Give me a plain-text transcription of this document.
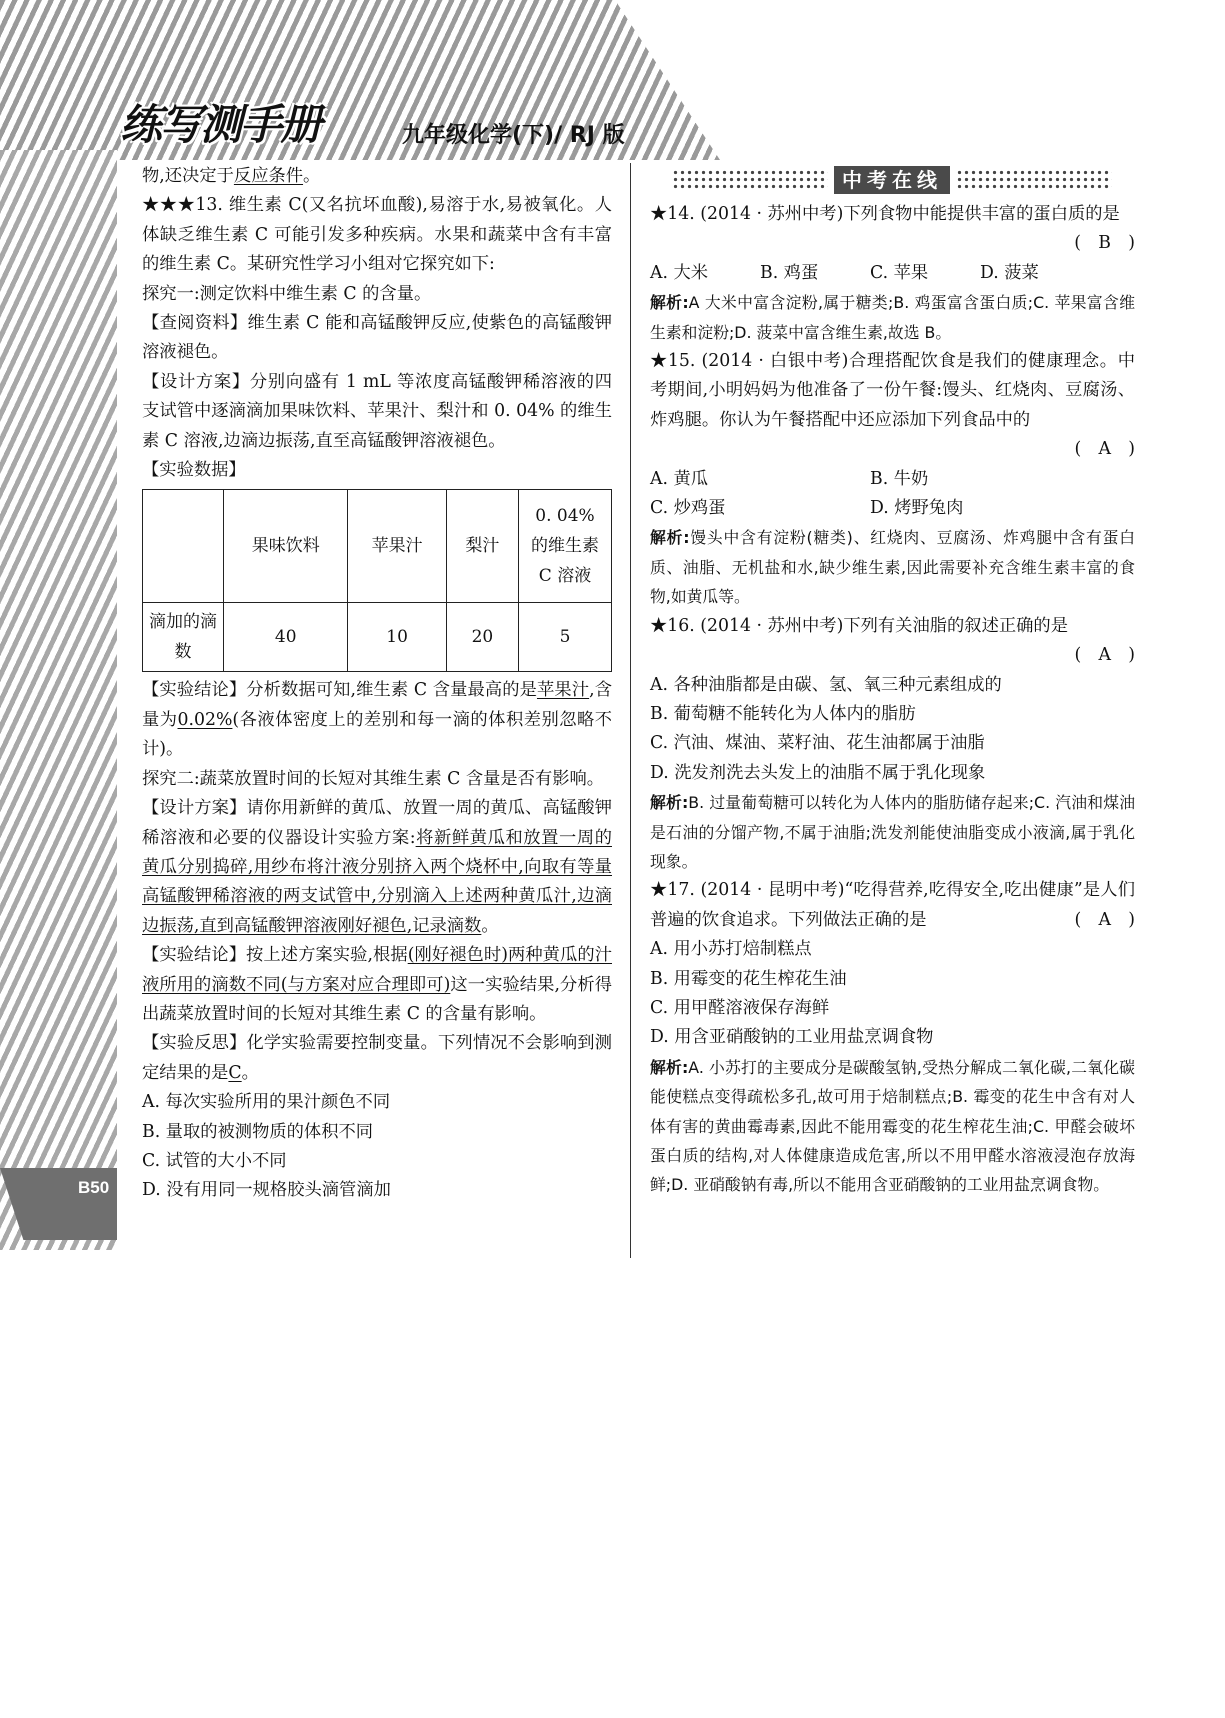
B50
练写测手册	九年级化学(下)/ RJ 版

物,还决定于反应条件。

★★★13. 维生素 C(又名抗坏血酸),易溶于水,易被氧化。人体缺乏维生素 C 可能引发多种疾病。水果和蔬菜中含有丰富的维生素 C。某研究性学习小组对它探究如下:

探究一:测定饮料中维生素 C 的含量。

【查阅资料】维生素 C 能和高锰酸钾反应,使紫色的高锰酸钾溶液褪色。

【设计方案】分别向盛有 1 mL 等浓度高锰酸钾稀溶液的四支试管中逐滴滴加果味饮料、苹果汁、梨汁和 0. 04% 的维生素 C 溶液,边滴边振荡,直至高锰酸钾溶液褪色。

【实验数据】

	果味饮料	苹果汁	梨汁	0. 04% 的维生素 C 溶液
滴加的滴数	40	10	20	5

【实验结论】分析数据可知,维生素 C 含量最高的是苹果汁,含量为0.02%(各液体密度上的差别和每一滴的体积差别忽略不计)。

探究二:蔬菜放置时间的长短对其维生素 C 含量是否有影响。

【设计方案】请你用新鲜的黄瓜、放置一周的黄瓜、高锰酸钾稀溶液和必要的仪器设计实验方案:将新鲜黄瓜和放置一周的黄瓜分别捣碎,用纱布将汁液分别挤入两个烧杯中,向取有等量高锰酸钾稀溶液的两支试管中,分别滴入上述两种黄瓜汁,边滴边振荡,直到高锰酸钾溶液刚好褪色,记录滴数。

【实验结论】按上述方案实验,根据(刚好褪色时)两种黄瓜的汁液所用的滴数不同(与方案对应合理即可)这一实验结果,分析得出蔬菜放置时间的长短对其维生素 C 的含量有影响。

【实验反思】化学实验需要控制变量。下列情况不会影响到测定结果的是C。

A. 每次实验所用的果汁颜色不同

B. 量取的被测物质的体积不同

C. 试管的大小不同

D. 没有用同一规格胶头滴管滴加

中考在线

★14. (2014 · 苏州中考)下列食物中能提供丰富的蛋白质的是

(　B　)

A. 大米	B. 鸡蛋	C. 苹果	D. 菠菜

解析:A 大米中富含淀粉,属于糖类;B. 鸡蛋富含蛋白质;C. 苹果富含维生素和淀粉;D. 菠菜中富含维生素,故选 B。

★15. (2014 · 白银中考)合理搭配饮食是我们的健康理念。中考期间,小明妈妈为他准备了一份午餐:馒头、红烧肉、豆腐汤、炸鸡腿。你认为午餐搭配中还应添加下列食品中的

(　A　)

A. 黄瓜	B. 牛奶
C. 炒鸡蛋	D. 烤野兔肉

解析:馒头中含有淀粉(糖类)、红烧肉、豆腐汤、炸鸡腿中含有蛋白质、油脂、无机盐和水,缺少维生素,因此需要补充含维生素丰富的食物,如黄瓜等。

★16. (2014 · 苏州中考)下列有关油脂的叙述正确的是

(　A　)

A. 各种油脂都是由碳、氢、氧三种元素组成的

B. 葡萄糖不能转化为人体内的脂肪

C. 汽油、煤油、菜籽油、花生油都属于油脂

D. 洗发剂洗去头发上的油脂不属于乳化现象

解析:B. 过量葡萄糖可以转化为人体内的脂肪储存起来;C. 汽油和煤油是石油的分馏产物,不属于油脂;洗发剂能使油脂变成小液滴,属于乳化现象。

★17. (2014 · 昆明中考)“吃得营养,吃得安全,吃出健康”是人们普遍的饮食追求。下列做法正确的是	(　A　)

A. 用小苏打焙制糕点

B. 用霉变的花生榨花生油

C. 用甲醛溶液保存海鲜

D. 用含亚硝酸钠的工业用盐烹调食物

解析:A. 小苏打的主要成分是碳酸氢钠,受热分解成二氧化碳,二氧化碳能使糕点变得疏松多孔,故可用于焙制糕点;B. 霉变的花生中含有对人体有害的黄曲霉毒素,因此不能用霉变的花生榨花生油;C. 甲醛会破坏蛋白质的结构,对人体健康造成危害,所以不用甲醛水溶液浸泡存放海鲜;D. 亚硝酸钠有毒,所以不能用含亚硝酸钠的工业用盐烹调食物。
